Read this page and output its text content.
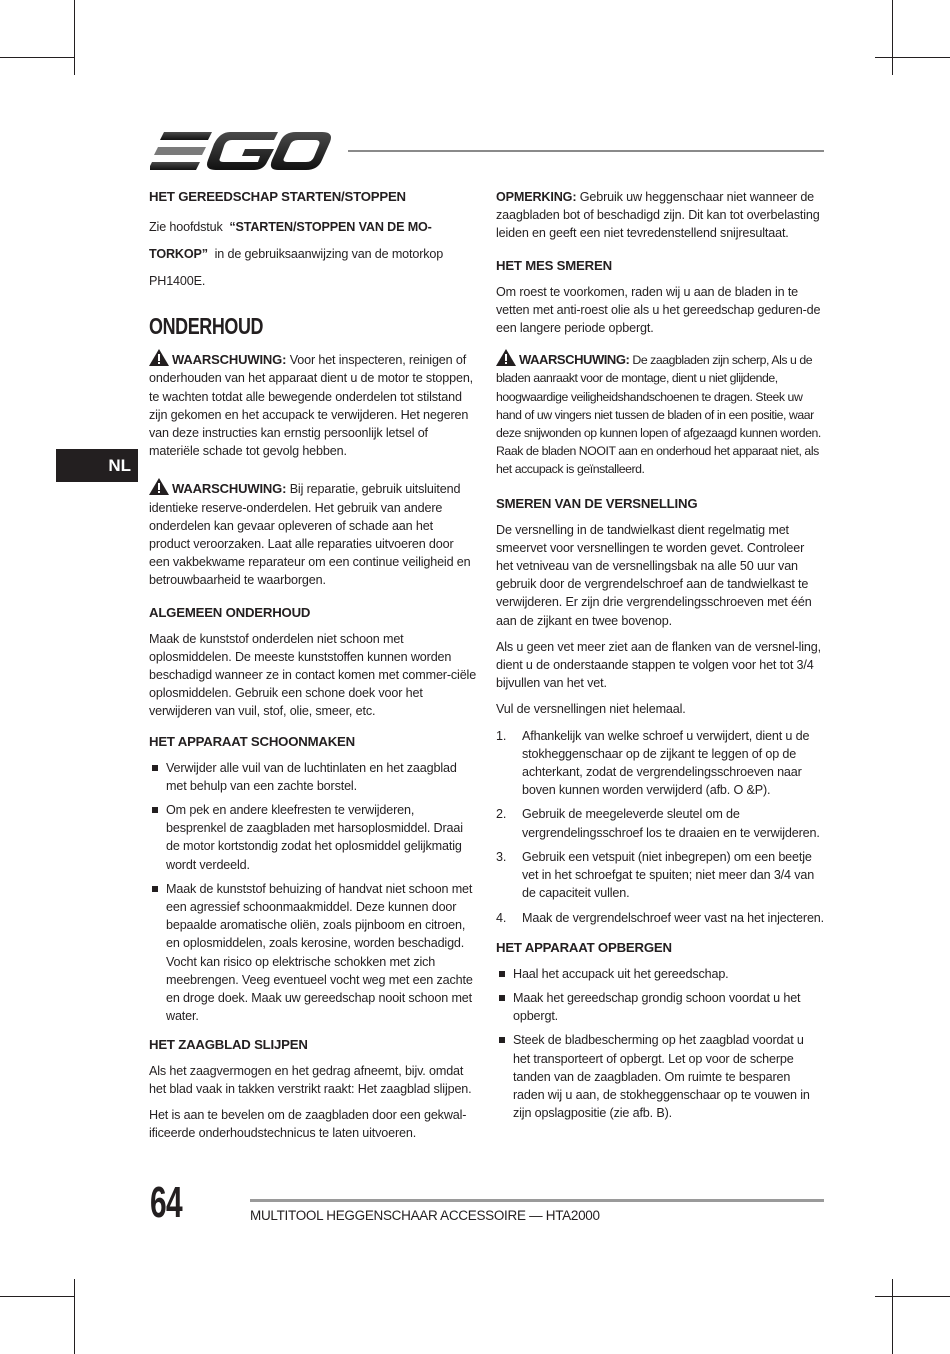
NL
HET GEREEDSCHAP STARTEN/STOPPEN

Zie hoofdstuk “STARTEN/STOPPEN VAN DE MO-TORKOP” in de gebruiksaanwijzing van de motorkop PH1400E.

ONDERHOUD

WAARSCHUWING: Voor het inspecteren, reinigen of onderhouden van het apparaat dient u de motor te stoppen, te wachten totdat alle bewegende onderdelen tot stilstand zijn gekomen en het accupack te verwijderen. Het negeren van deze instructies kan ernstig persoonlijk letsel of materiële schade tot gevolg hebben.

WAARSCHUWING: Bij reparatie, gebruik uitsluitend identieke reserve-onderdelen. Het gebruik van andere onderdelen kan gevaar opleveren of schade aan het product veroorzaken. Laat alle reparaties uitvoeren door een vakbekwame reparateur om een continue veiligheid en betrouwbaarheid te waarborgen.

ALGEMEEN ONDERHOUD

Maak de kunststof onderdelen niet schoon met oplosmiddelen. De meeste kunststoffen kunnen worden beschadigd wanneer ze in contact komen met commer-ciële oplosmiddelen. Gebruik een schone doek voor het verwijderen van vuil, stof, olie, smeer, etc.

HET APPARAAT SCHOONMAKEN
Verwijder alle vuil van de luchtinlaten en het zaagblad met behulp van een zachte borstel.
Om pek en andere kleefresten te verwijderen, besprenkel de zaagbladen met harsoplosmiddel. Draai de motor kortstondig zodat het oplosmiddel gelijkmatig wordt verdeeld.
Maak de kunststof behuizing of handvat niet schoon met een agressief schoonmaakmiddel. Deze kunnen door bepaalde aromatische oliën, zoals pijnboom en citroen, en oplosmiddelen, zoals kerosine, worden beschadigd. Vocht kan risico op elektrische schokken met zich meebrengen. Veeg eventueel vocht weg met een zachte en droge doek. Maak uw gereedschap nooit schoon met water.
HET ZAAGBLAD SLIJPEN

Als het zaagvermogen en het gedrag afneemt, bijv. omdat het blad vaak in takken verstrikt raakt: Het zaagblad slijpen.

Het is aan te bevelen om de zaagbladen door een gekwal-ificeerde onderhoudstechnicus te laten uitvoeren.

OPMERKING: Gebruik uw heggenschaar niet wanneer de zaagbladen bot of beschadigd zijn. Dit kan tot overbelasting leiden en geeft een niet tevredenstellend snijresultaat.

HET MES SMEREN

Om roest te voorkomen, raden wij u aan de bladen in te vetten met anti-roest olie als u het gereedschap geduren-de een langere periode opbergt.

WAARSCHUWING: De zaagbladen zijn scherp, Als u de bladen aanraakt voor de montage, dient u niet glijdende, hoogwaardige veiligheidshandschoenen te dragen. Steek uw hand of uw vingers niet tussen de bladen of in een positie, waar deze snijwonden op kunnen lopen of afgezaagd kunnen worden. Raak de bladen NOOIT aan en onderhoud het apparaat niet, als het accupack is geïnstalleerd.

SMEREN VAN DE VERSNELLING

De versnelling in de tandwielkast dient regelmatig met smeervet voor versnellingen te worden gevet. Controleer het vetniveau van de versnellingsbak na alle 50 uur van gebruik door de vergrendelschroef aan de tandwielkast te verwijderen. Er zijn drie vergrendelingsschroeven met één aan de zijkant en twee bovenop.

Als u geen vet meer ziet aan de flanken van de versnel-ling, dient u de onderstaande stappen te volgen voor het tot 3/4 bijvullen van het vet.

Vul de versnellingen niet helemaal.

1. Afhankelijk van welke schroef u verwijdert, dient u de stokheggenschaar op de zijkant te leggen of op de achterkant, zodat de vergrendelingsschroeven naar boven kunnen worden verwijderd (afb. O &P).
2. Gebruik de meegeleverde sleutel om de vergrendelingsschroef los te draaien en te verwijderen.
3. Gebruik een vetspuit (niet inbegrepen) om een beetje vet in het schroefgat te spuiten; niet meer dan 3/4 van de capaciteit vullen.
4. Maak de vergrendelschroef weer vast na het injecteren.
HET APPARAAT OPBERGEN
Haal het accupack uit het gereedschap.
Maak het gereedschap grondig schoon voordat u het opbergt.
Steek de bladbescherming op het zaagblad voordat u het transporteert of opbergt. Let op voor de scherpe tanden van de zaagbladen. Om ruimte te besparen raden wij u aan, de stokheggenschaar op te vouwen in zijn opslagpositie (zie afb. B).
64	MULTITOOL HEGGENSCHAAR ACCESSOIRE — HTA2000
